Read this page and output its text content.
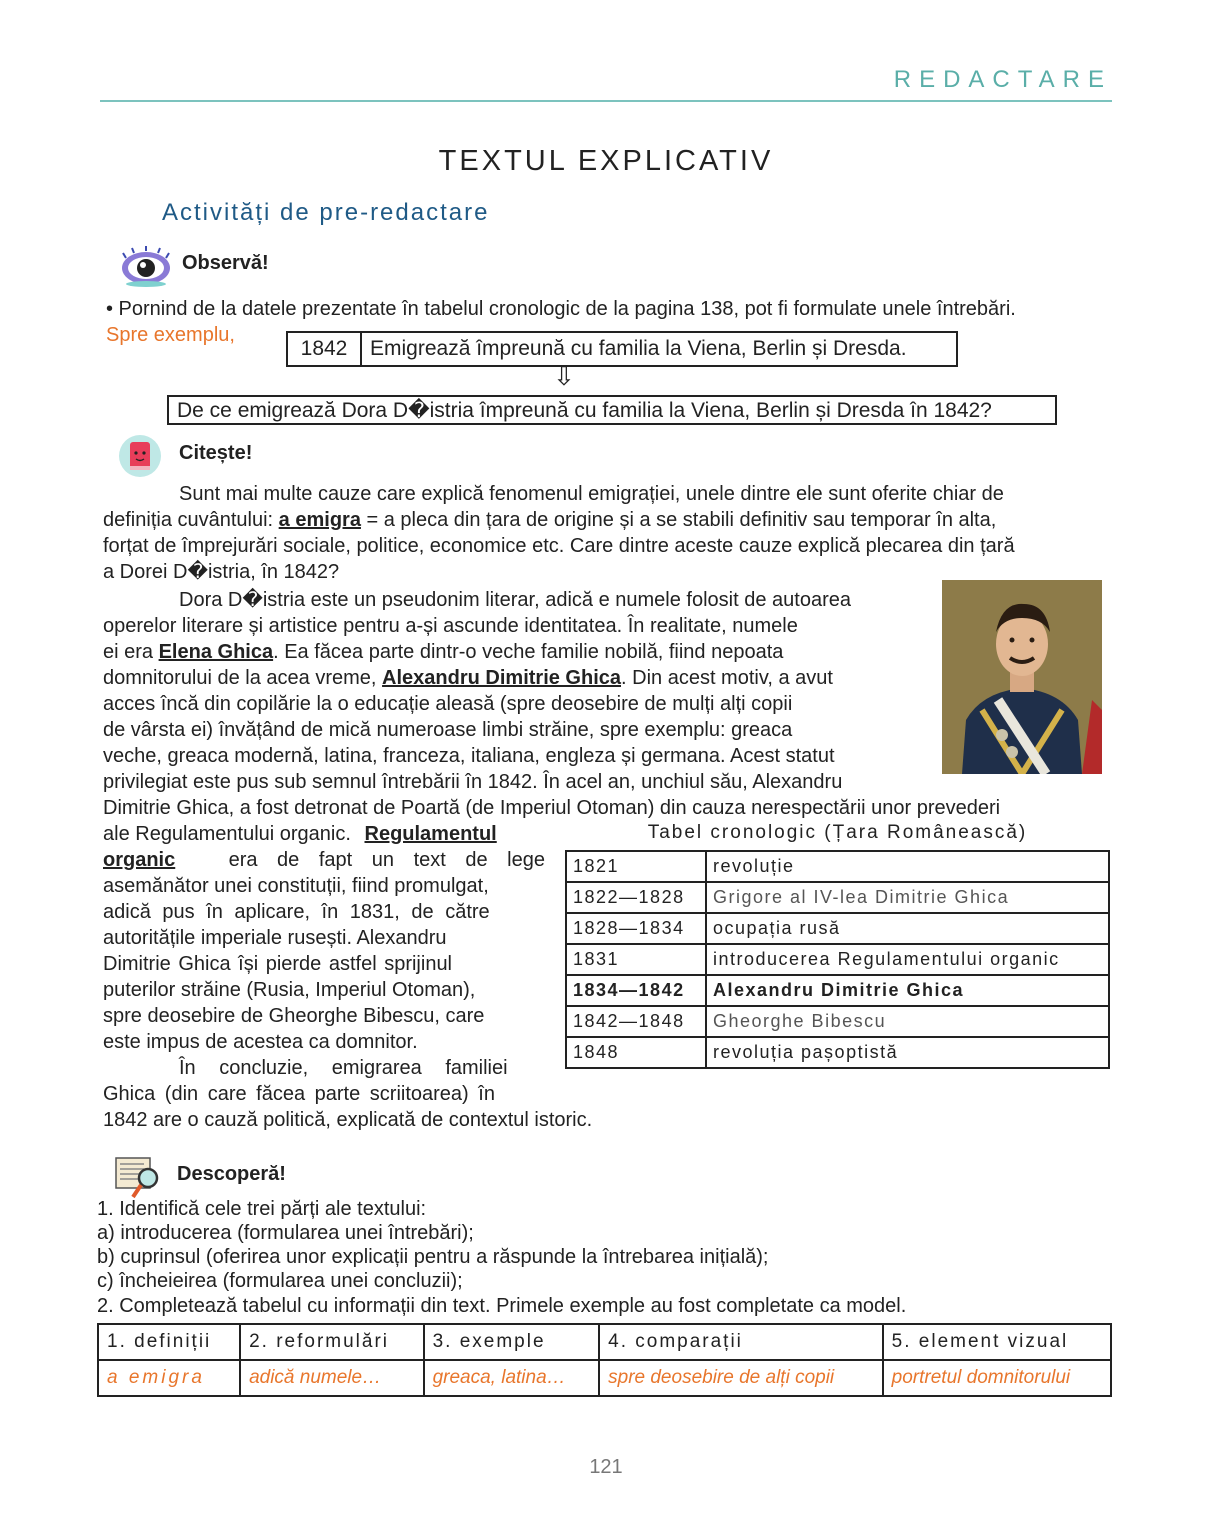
REDACTARE
TEXTUL EXPLICATIV
Activități de pre-redactare
Observă!
• Pornind de la datele prezentate în tabelul cronologic de la pagina 138, pot fi formulate unele întrebări.
Spre exemplu,
1842	Emigrează împreună cu familia la Viena, Berlin și Dresda.
⇩
De ce emigrează Dora D�istria împreună cu familia la Viena, Berlin și Dresda în 1842?
Citește!
Sunt mai multe cauze care explică fenomenul emigrației, unele dintre ele sunt oferite chiar de
definiția cuvântului: a emigra = a pleca din țara de origine și a se stabili definitiv sau temporar în alta,
forțat de împrejurări sociale, politice, economice etc. Care dintre aceste cauze explică plecarea din țară
a Dorei D�istria, în 1842?
Dora D�istria este un pseudonim literar, adică e numele folosit de autoarea
operelor literare și artistice pentru a-și ascunde identitatea. În realitate, numele
ei era Elena Ghica. Ea făcea parte dintr-o veche familie nobilă, fiind nepoata
domnitorului de la acea vreme, Alexandru Dimitrie Ghica. Din acest motiv, a avut
acces încă din copilărie la o educație aleasă (spre deosebire de mulți alți copii
de vârsta ei) învățând de mică numeroase limbi străine, spre exemplu: greaca
veche, greaca modernă, latina, franceza, italiana, engleza și germana. Acest statut
privilegiat este pus sub semnul întrebării în 1842. În acel an, unchiul său, Alexandru
Dimitrie Ghica, a fost detronat de Poartă (de Imperiul Otoman) din cauza nerespectării unor prevederi
ale Regulamentului organic. Regulamentul
organic	era de fapt un text de lege
asemănător unei constituții, fiind promulgat,
adică pus în aplicare, în 1831, de către
autoritățile imperiale rusești. Alexandru
Dimitrie Ghica își pierde astfel sprijinul
puterilor străine (Rusia, Imperiul Otoman),
spre deosebire de Gheorghe Bibescu, care
este impus de acestea ca domnitor.
În concluzie, emigrarea familiei
Ghica (din care făcea parte scriitoarea) în
1842 are o cauză politică, explicată de contextul istoric.
Tabel cronologic (Țara Românească)
1821	revoluție
1822—1828	Grigore al IV-lea Dimitrie Ghica
1828—1834	ocupația rusă
1831	introducerea Regulamentului organic
1834—1842	Alexandru Dimitrie Ghica
1842—1848	Gheorghe Bibescu
1848	revoluția pașoptistă
Descoperă!
1. Identifică cele trei părți ale textului:
a) introducerea (formularea unei întrebări);
b) cuprinsul (oferirea unor explicații pentru a răspunde la întrebarea inițială);
c) încheieirea (formularea unei concluzii);
2. Completează tabelul cu informații din text. Primele exemple au fost completate ca model.
1. definiții	2. reformulări	3. exemple	4. comparații	5. element vizual
a emigra	adică numele…	greaca, latina…	spre deosebire de alți copii	portretul domnitorului
121
